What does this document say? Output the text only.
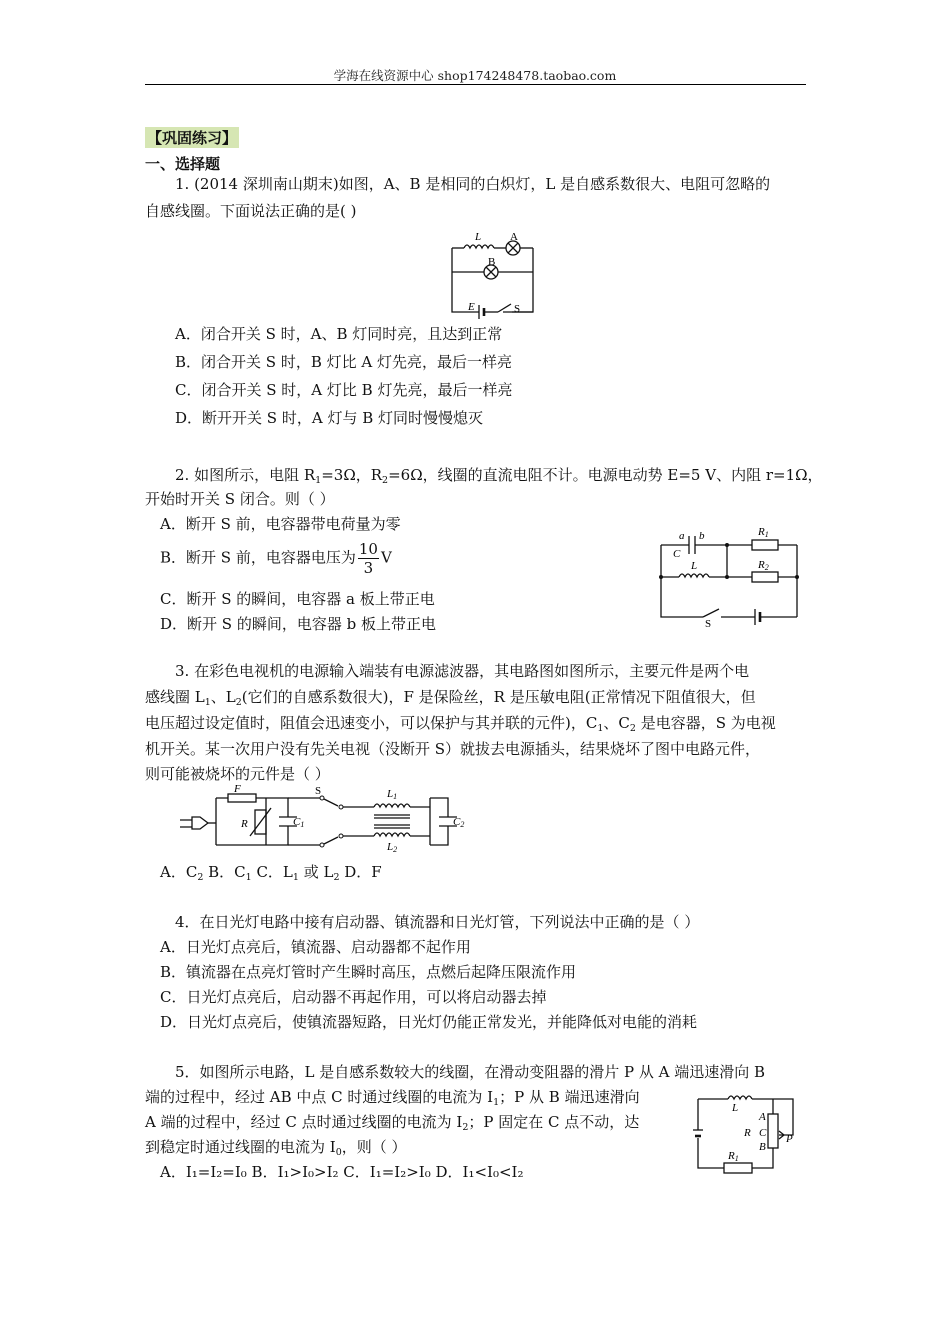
学海在线资源中心 shop174248478.taobao.com
【巩固练习】
一、选择题
1. (2014 深圳南山期末)如图，A、B 是相同的白炽灯，L 是自感系数很大、电阻可忽略的
自感线圈。下面说法正确的是( )
L	A
B
E	S
A．闭合开关 S 时，A、B 灯同时亮，且达到正常
B．闭合开关 S 时，B 灯比 A 灯先亮，最后一样亮
C．闭合开关 S 时，A 灯比 B 灯先亮，最后一样亮
D．断开开关 S 时，A 灯与 B 灯同时慢慢熄灭
2. 如图所示，电阻 $R_1=3\Omega$，$R_2=6\Omega$，线圈的直流电阻不计。电源电动势 E=5 V、内阻 r=1Ω，
开始时开关 S 闭合。则（ ）
A．断开 S 前，电容器带电荷量为零
B．断开 S 前，电容器电压为 $\frac{10}{3}$ V
C．断开 S 的瞬间，电容器 a 板上带正电
D．断开 S 的瞬间，电容器 b 板上带正电
a b
C
L
R1
R2
S
3. 在彩色电视机的电源输入端装有电源滤波器，其电路图如图所示，主要元件是两个电
感线圈 $L_1$、$L_2$(它们的自感系数很大)，F 是保险丝，R 是压敏电阻(正常情况下阻值很大，但
电压超过设定值时，阻值会迅速变小，可以保护与其并联的元件)，$C_1$、$C_2$ 是电容器，S 为电视
机开关。某一次用户没有先关电视（没断开 S）就拔去电源插头，结果烧坏了图中电路元件，
则可能被烧坏的元件是（ ）
F
R	C1
S	L1
L2
C2
A．$C_2$ B．$C_1$ C．$L_1$ 或 $L_2$ D．F
4．在日光灯电路中接有启动器、镇流器和日光灯管，下列说法中正确的是（ ）
A．日光灯点亮后，镇流器、启动器都不起作用
B．镇流器在点亮灯管时产生瞬时高压，点燃后起降压限流作用
C．日光灯点亮后，启动器不再起作用，可以将启动器去掉
D．日光灯点亮后，使镇流器短路，日光灯仍能正常发光，并能降低对电能的消耗
5．如图所示电路，L 是自感系数较大的线圈，在滑动变阻器的滑片 P 从 A 端迅速滑向 B
端的过程中，经过 AB 中点 C 时通过线圈的电流为 $I_1$；P 从 B 端迅速滑向
A 端的过程中，经过 C 点时通过线圈的电流为 $I_2$；P 固定在 C 点不动，达
到稳定时通过线圈的电流为 $I_0$，则（ ）
A．I₁=I₂=I₀ B．I₁>I₀>I₂ C．I₁=I₂>I₀ D．I₁<I₀<I₂
L
A
R C P
B
R1
